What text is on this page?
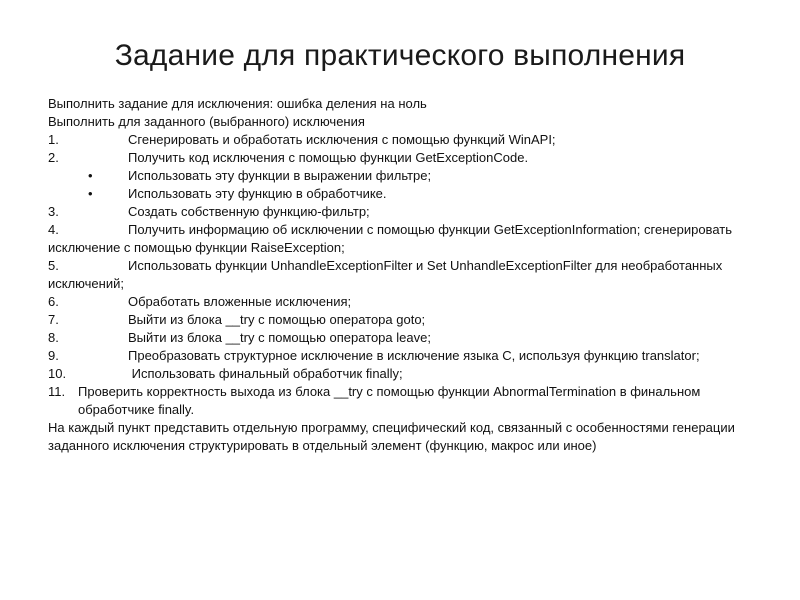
Задание для практического выполнения

Выполнить задание для исключения: ошибка деления на ноль

Выполнить для заданного (выбранного) исключения

1.	Сгенерировать и обработать исключения с помощью функций WinAPI;

2.	Получить код исключения с помощью функции GetExceptionCode.

•	Использовать эту функции в выражении фильтре;

•	Использовать эту функцию в обработчике.

3.	Создать собственную функцию-фильтр;

4.	Получить информацию об исключении с помощью функции GetExceptionInformation; сгенерировать исключение с помощью функции RaiseException;

5.	Использовать функции UnhandleExceptionFilter и Set UnhandleExceptionFilter для необработанных исключений;

6.	Обработать вложенные исключения;

7.	Выйти из блока __try с помощью оператора goto;

8.	Выйти из блока __try с помощью оператора leave;

9.	Преобразовать структурное исключение в исключение языка С, используя функцию translator;

10.	Использовать финальный обработчик finally;

11. Проверить корректность выхода из блока __try с помощью функции AbnormalTermination в финальном обработчике finally.

На каждый пункт представить отдельную программу, специфический код, связанный с особенностями генерации заданного исключения структурировать в отдельный элемент (функцию, макрос или иное)
